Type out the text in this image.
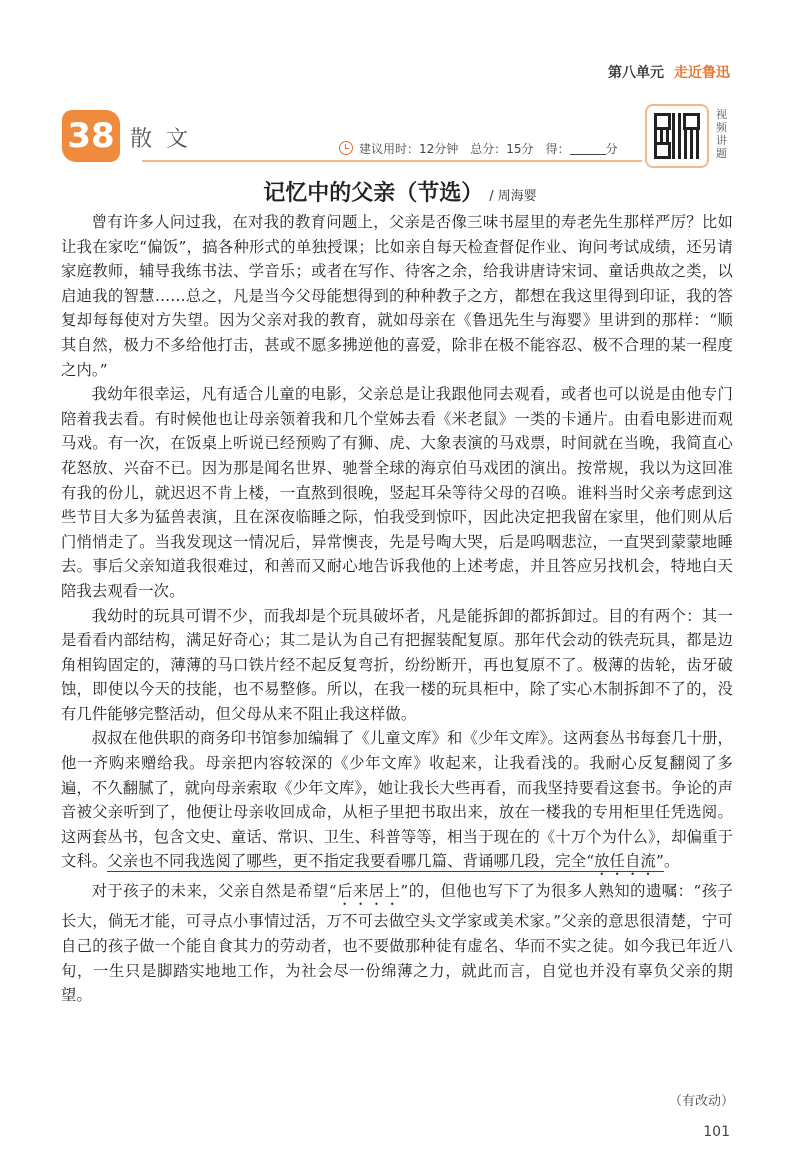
第八单元 走近鲁迅
38 散文	建议用时：12分钟 总分：15分 得：	分
视频讲题
记忆中的父亲（节选） / 周海婴

曾有许多人问过我，在对我的教育问题上，父亲是否像三味书屋里的寿老先生那样严厉？比如让我在家吃“偏饭”，搞各种形式的单独授课；比如亲自每天检查督促作业、询问考试成绩，还另请家庭教师，辅导我练书法、学音乐；或者在写作、待客之余，给我讲唐诗宋词、童话典故之类，以启迪我的智慧……总之，凡是当今父母能想得到的种种教子之方，都想在我这里得到印证，我的答复却每每使对方失望。因为父亲对我的教育，就如母亲在《鲁迅先生与海婴》里讲到的那样：“顺其自然，极力不多给他打击，甚或不愿多拂逆他的喜爱，除非在极不能容忍、极不合理的某一程度之内。”

我幼年很幸运，凡有适合儿童的电影，父亲总是让我跟他同去观看，或者也可以说是由他专门陪着我去看。有时候他也让母亲领着我和几个堂姊去看《米老鼠》一类的卡通片。由看电影进而观马戏。有一次，在饭桌上听说已经预购了有狮、虎、大象表演的马戏票，时间就在当晚，我简直心花怒放、兴奋不已。因为那是闻名世界、驰誉全球的海京伯马戏团的演出。按常规，我以为这回准有我的份儿，就迟迟不肯上楼，一直熬到很晚，竖起耳朵等待父母的召唤。谁料当时父亲考虑到这些节目大多为猛兽表演，且在深夜临睡之际，怕我受到惊吓，因此决定把我留在家里，他们则从后门悄悄走了。当我发现这一情况后，异常懊丧，先是号啕大哭，后是呜咽悲泣，一直哭到蒙蒙地睡去。事后父亲知道我很难过，和善而又耐心地告诉我他的上述考虑，并且答应另找机会，特地白天陪我去观看一次。

我幼时的玩具可谓不少，而我却是个玩具破坏者，凡是能拆卸的都拆卸过。目的有两个：其一是看看内部结构，满足好奇心；其二是认为自己有把握装配复原。那年代会动的铁壳玩具，都是边角相钩固定的，薄薄的马口铁片经不起反复弯折，纷纷断开，再也复原不了。极薄的齿轮，齿牙破蚀，即使以今天的技能，也不易整修。所以，在我一楼的玩具柜中，除了实心木制拆卸不了的，没有几件能够完整活动，但父母从来不阻止我这样做。

叔叔在他供职的商务印书馆参加编辑了《儿童文库》和《少年文库》。这两套丛书每套几十册，他一齐购来赠给我。母亲把内容较深的《少年文库》收起来，让我看浅的。我耐心反复翻阅了多遍，不久翻腻了，就向母亲索取《少年文库》，她让我长大些再看，而我坚持要看这套书。争论的声音被父亲听到了，他便让母亲收回成命，从柜子里把书取出来，放在一楼我的专用柜里任凭选阅。这两套丛书，包含文史、童话、常识、卫生、科普等等，相当于现在的《十万个为什么》，却偏重于文科。父亲也不同我选阅了哪些，更不指定我要看哪几篇、背诵哪几段，完全“放任自流”。

对于孩子的未来，父亲自然是希望“后来居上”的，但他也写下了为很多人熟知的遗嘱：“孩子长大，倘无才能，可寻点小事情过活，万不可去做空头文学家或美术家。”父亲的意思很清楚，宁可自己的孩子做一个能自食其力的劳动者，也不要做那种徒有虚名、华而不实之徒。如今我已年近八旬，一生只是脚踏实地地工作，为社会尽一份绵薄之力，就此而言，自觉也并没有辜负父亲的期望。

（有改动）
101
